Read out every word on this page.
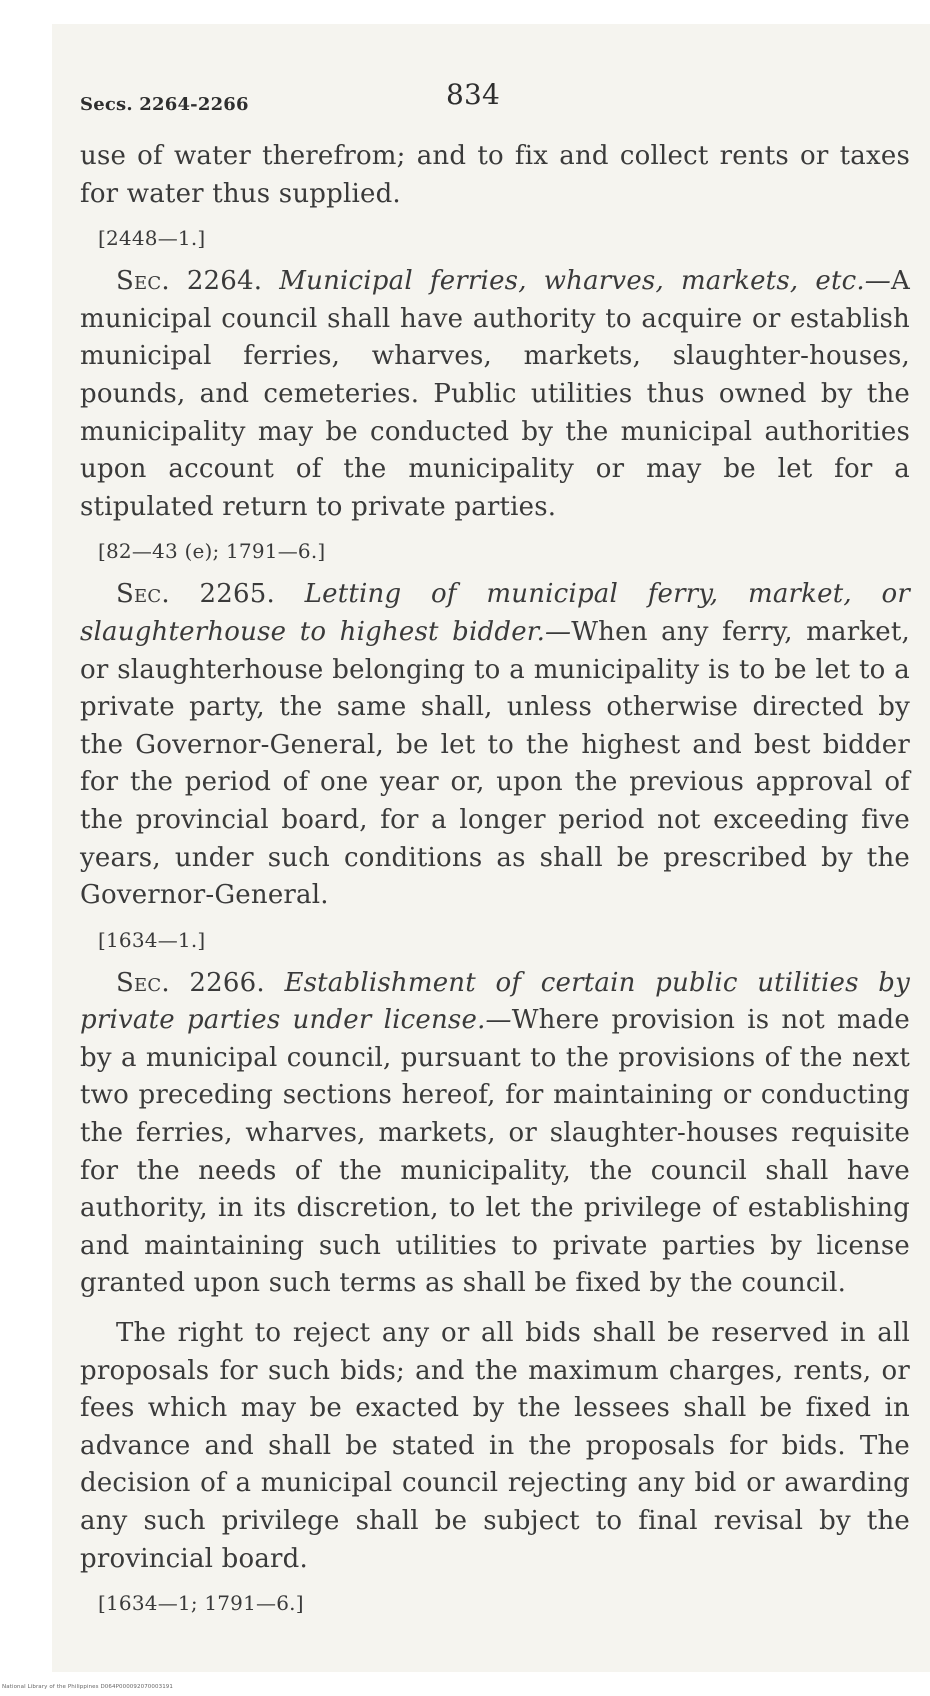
Secs. 2264-2266	834

use of water therefrom; and to fix and collect rents or taxes for water thus supplied.

[2448—1.]

Sec. 2264. Municipal ferries, wharves, markets, etc.—A municipal council shall have authority to acquire or establish municipal ferries, wharves, markets, slaughter-houses, pounds, and cemeteries. Public utilities thus owned by the municipality may be conducted by the municipal authorities upon account of the municipality or may be let for a stipulated return to private parties.

[82—43 (e); 1791—6.]

Sec. 2265. Letting of municipal ferry, market, or slaughterhouse to highest bidder.—When any ferry, market, or slaughterhouse belonging to a municipality is to be let to a private party, the same shall, unless otherwise directed by the Governor-General, be let to the highest and best bidder for the period of one year or, upon the previous approval of the provincial board, for a longer period not exceeding five years, under such conditions as shall be prescribed by the Governor-General.

[1634—1.]

Sec. 2266. Establishment of certain public utilities by private parties under license.—Where provision is not made by a municipal council, pursuant to the provisions of the next two preceding sections hereof, for maintaining or conducting the ferries, wharves, markets, or slaughter-houses requisite for the needs of the municipality, the council shall have authority, in its discretion, to let the privilege of establishing and maintaining such utilities to private parties by license granted upon such terms as shall be fixed by the council.

The right to reject any or all bids shall be reserved in all proposals for such bids; and the maximum charges, rents, or fees which may be exacted by the lessees shall be fixed in advance and shall be stated in the proposals for bids. The decision of a municipal council rejecting any bid or awarding any such privilege shall be subject to final revisal by the provincial board.

[1634—1; 1791—6.]
National Library of the Philippines D064P000092070003191
